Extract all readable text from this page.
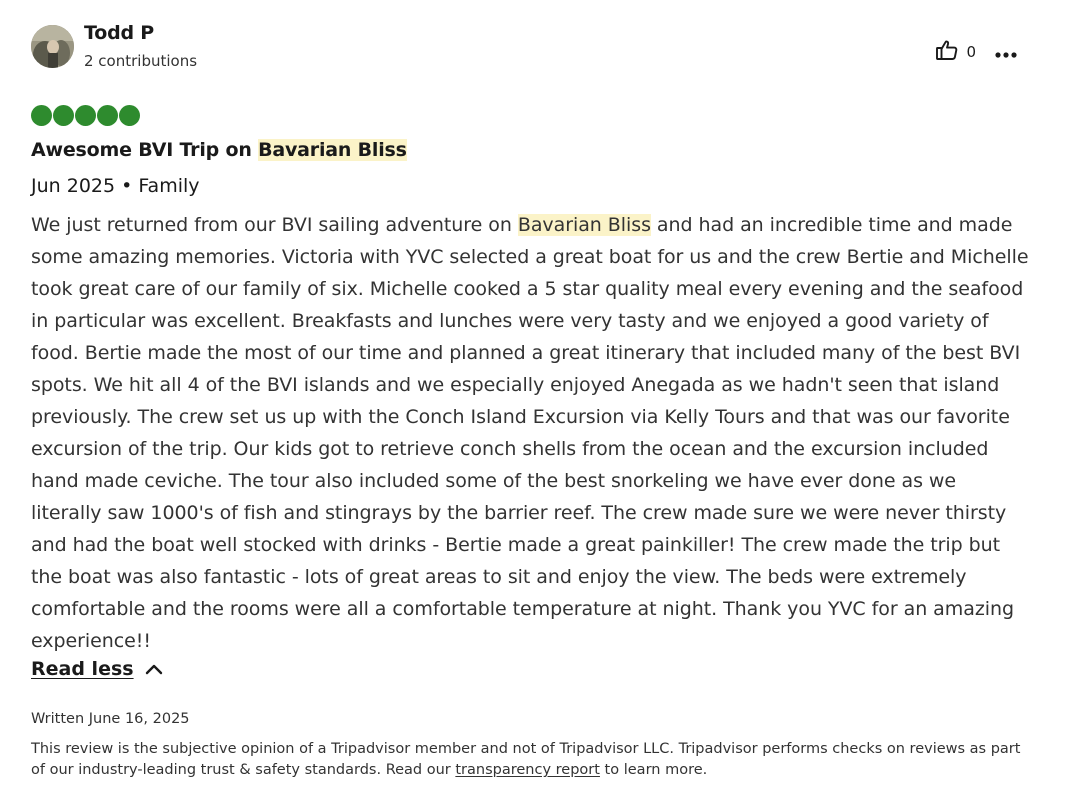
Todd P
2 contributions	0
Awesome BVI Trip on Bavarian Bliss
Jun 2025 • Family
We just returned from our BVI sailing adventure on Bavarian Bliss and had an incredible time and made some amazing memories. Victoria with YVC selected a great boat for us and the crew Bertie and Michelle took great care of our family of six. Michelle cooked a 5 star quality meal every evening and the seafood in particular was excellent. Breakfasts and lunches were very tasty and we enjoyed a good variety of food. Bertie made the most of our time and planned a great itinerary that included many of the best BVI spots. We hit all 4 of the BVI islands and we especially enjoyed Anegada as we hadn't seen that island previously. The crew set us up with the Conch Island Excursion via Kelly Tours and that was our favorite excursion of the trip. Our kids got to retrieve conch shells from the ocean and the excursion included hand made ceviche. The tour also included some of the best snorkeling we have ever done as we literally saw 1000's of fish and stingrays by the barrier reef. The crew made sure we were never thirsty and had the boat well stocked with drinks - Bertie made a great painkiller! The crew made the trip but the boat was also fantastic - lots of great areas to sit and enjoy the view. The beds were extremely comfortable and the rooms were all a comfortable temperature at night. Thank you YVC for an amazing experience!!
Read less
Written June 16, 2025
This review is the subjective opinion of a Tripadvisor member and not of Tripadvisor LLC. Tripadvisor performs checks on reviews as part of our industry-leading trust & safety standards. Read our transparency report to learn more.
